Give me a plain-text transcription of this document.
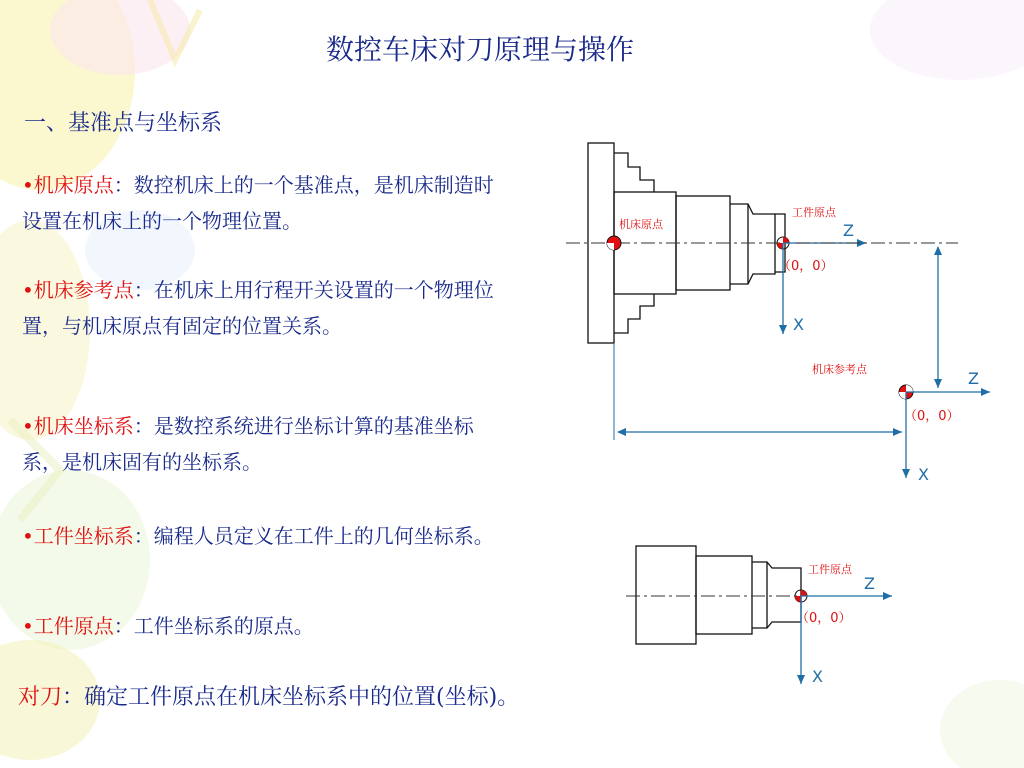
数控车床对刀原理与操作
一、基准点与坐标系
•机床原点：数控机床上的一个基准点，是机床制造时设置在机床上的一个物理位置。
•机床参考点：在机床上用行程开关设置的一个物理位置，与机床原点有固定的位置关系。
•机床坐标系：是数控系统进行坐标计算的基准坐标系，是机床固有的坐标系。
•工件坐标系：编程人员定义在工件上的几何坐标系。
•工件原点：工件坐标系的原点。
对刀：确定工件原点在机床坐标系中的位置(坐标)。
机床原点
工件原点
Z
（0，0）
X
机床参考点	Z
（0，0）
X
工件原点
Z
（0，0）
X
